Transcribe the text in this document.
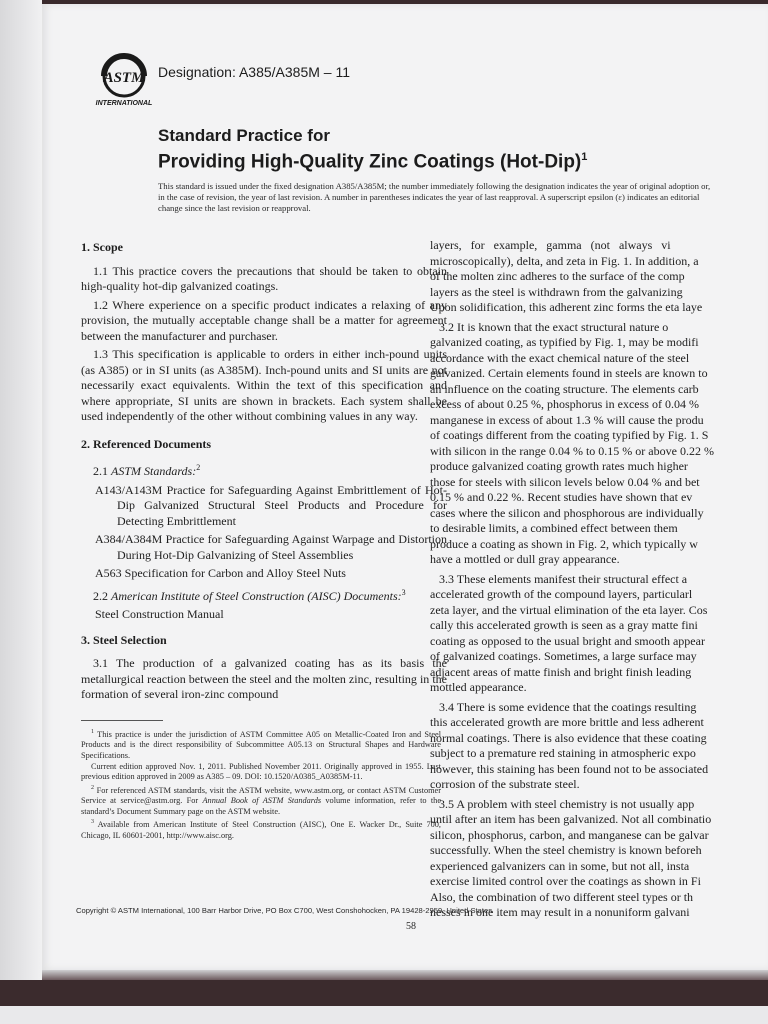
ASTM
INTERNATIONAL
Designation: A385/A385M – 11
Standard Practice for
Providing High-Quality Zinc Coatings $(Hot-Dip)^1$
This standard is issued under the fixed designation A385/A385M; the number immediately following the designation indicates the year of original adoption or, in the case of revision, the year of last revision. A number in parentheses indicates the year of last reapproval. A superscript epsilon (ε) indicates an editorial change since the last revision or reapproval.
1. Scope

1.1 This practice covers the precautions that should be taken to obtain high-quality hot-dip galvanized coatings.

1.2 Where experience on a specific product indicates a relaxing of any provision, the mutually acceptable change shall be a matter for agreement between the manufacturer and purchaser.

1.3 This specification is applicable to orders in either inch-pound units (as A385) or in SI units (as A385M). Inch-pound units and SI units are not necessarily exact equivalents. Within the text of this specification and where appropriate, SI units are shown in brackets. Each system shall be used independently of the other without combining values in any way.

2. Referenced Documents

2.1 ASTM Standards:$^2$

A143/A143M Practice for Safeguarding Against Embrittlement of Hot-Dip Galvanized Structural Steel Products and Procedure for Detecting Embrittlement

A384/A384M Practice for Safeguarding Against Warpage and Distortion During Hot-Dip Galvanizing of Steel Assemblies

A563 Specification for Carbon and Alloy Steel Nuts

2.2 American Institute of Steel Construction (AISC) Documents:$^3$

Steel Construction Manual

3. Steel Selection

3.1 The production of a galvanized coating has as its basis the metallurgical reaction between the steel and the molten zinc, resulting in the formation of several iron-zinc compound

layers,   for   example,   gamma   (not   always   vi
microscopically), delta, and zeta in Fig. 1. In addition, a
of the molten zinc adheres to the surface of the comp
layers as the steel is withdrawn from the galvanizing
Upon solidification, this adherent zinc forms the eta laye
3.2 It is known that the exact structural nature o
galvanized coating, as typified by Fig. 1, may be modifi
accordance with the exact chemical nature of the steel
galvanized. Certain elements found in steels are known to
an influence on the coating structure. The elements carb
excess of about 0.25 %, phosphorus in excess of 0.04 %
manganese in excess of about 1.3 % will cause the produ
of coatings different from the coating typified by Fig. 1. S
with silicon in the range 0.04 % to 0.15 % or above 0.22 %
produce galvanized coating growth rates much higher
those for steels with silicon levels below 0.04 % and bet
0.15 % and 0.22 %. Recent studies have shown that ev
cases where the silicon and phosphorous are individually
to desirable limits, a combined effect between them
produce a coating as shown in Fig. 2, which typically w
have a mottled or dull gray appearance.
3.3 These elements manifest their structural effect a
accelerated growth of the compound layers, particularl
zeta layer, and the virtual elimination of the eta layer. Cos
cally this accelerated growth is seen as a gray matte fini
coating as opposed to the usual bright and smooth appear
of galvanized coatings. Sometimes, a large surface may
adjacent areas of matte finish and bright finish leading
mottled appearance.
3.4 There is some evidence that the coatings resulting
this accelerated growth are more brittle and less adherent
normal coatings. There is also evidence that these coating
subject to a premature red staining in atmospheric expo
however, this staining has been found not to be associated
corrosion of the substrate steel.
3.5 A problem with steel chemistry is not usually app
until after an item has been galvanized. Not all combinatio
silicon, phosphorus, carbon, and manganese can be galvar
successfully. When the steel chemistry is known beforeh
experienced galvanizers can in some, but not all, insta
exercise limited control over the coatings as shown in Fi
Also, the combination of two different steel types or th
nesses in one item may result in a nonuniform galvani

$^1$ This practice is under the jurisdiction of ASTM Committee A05 on Metallic-Coated Iron and Steel Products and is the direct responsibility of Subcommittee A05.13 on Structural Shapes and Hardware Specifications.

Current edition approved Nov. 1, 2011. Published November 2011. Originally approved in 1955. Last previous edition approved in 2009 as A385 – 09. DOI: 10.1520/A0385_A0385M-11.

$^2$ For referenced ASTM standards, visit the ASTM website, www.astm.org, or contact ASTM Customer Service at service@astm.org. For Annual Book of ASTM Standards volume information, refer to the standard’s Document Summary page on the ASTM website.

$^3$ Available from American Institute of Steel Construction (AISC), One E. Wacker Dr., Suite 700, Chicago, IL 60601-2001, http://www.aisc.org.

Copyright © ASTM International, 100 Barr Harbor Drive, PO Box C700, West Conshohocken, PA 19428-2959. United States
58
